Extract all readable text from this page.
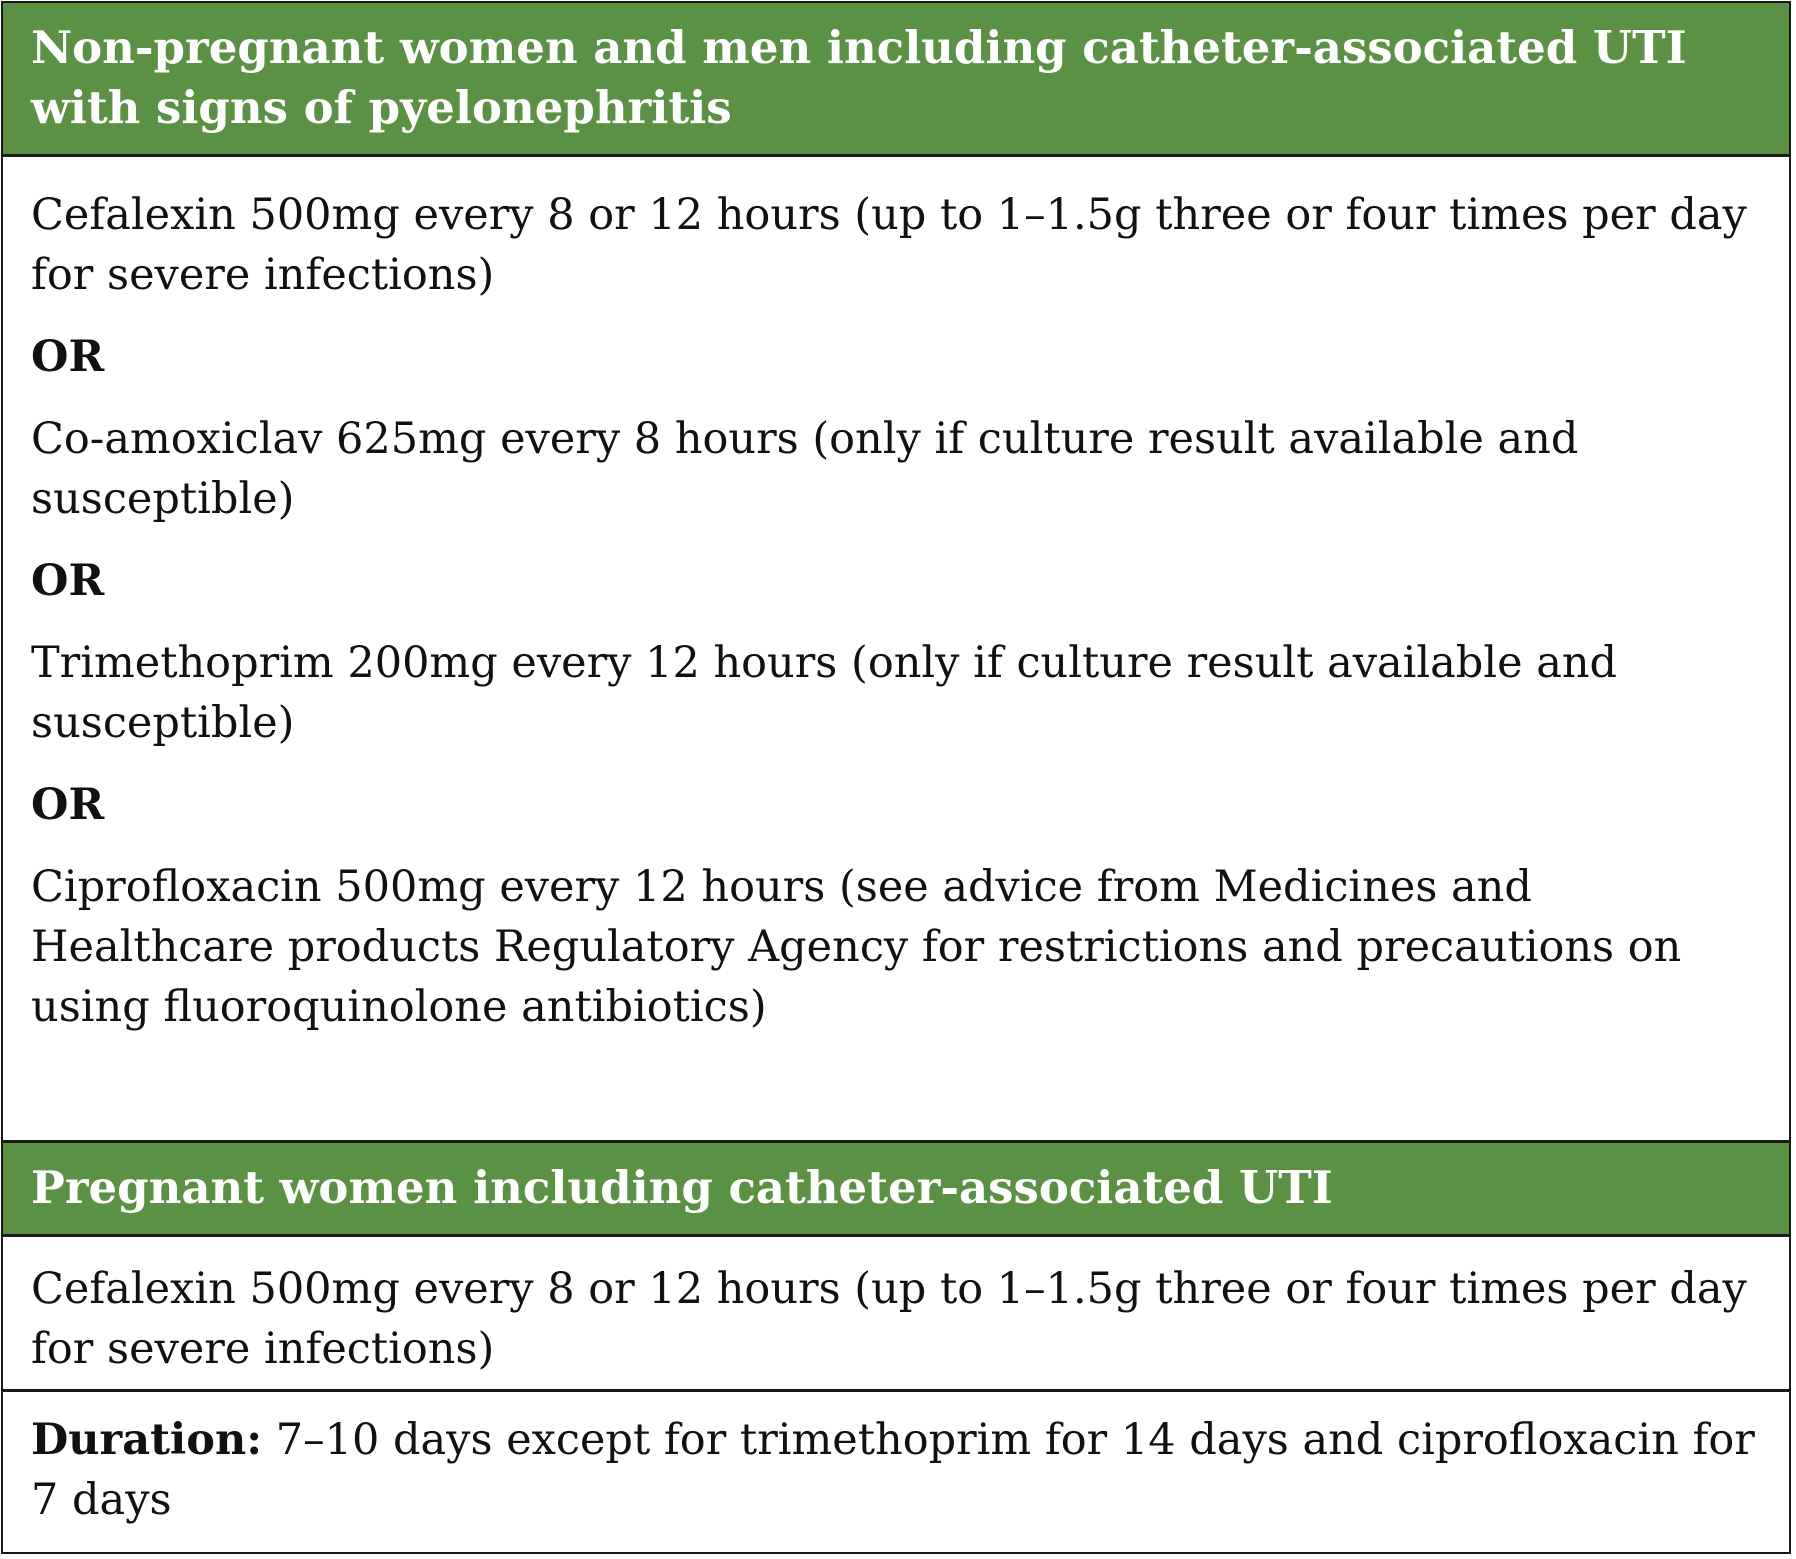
Non-pregnant women and men including catheter-associated UTI with signs of pyelonephritis

Cefalexin 500mg every 8 or 12 hours (up to 1–1.5g three or four times per day for severe infections)

OR

Co-amoxiclav 625mg every 8 hours (only if culture result available and susceptible)

OR

Trimethoprim 200mg every 12 hours (only if culture result available and susceptible)

OR

Ciprofloxacin 500mg every 12 hours (see advice from Medicines and Healthcare products Regulatory Agency for restrictions and precautions on using fluoroquinolone antibiotics)

Pregnant women including catheter-associated UTI

Cefalexin 500mg every 8 or 12 hours (up to 1–1.5g three or four times per day for severe infections)

Duration: 7–10 days except for trimethoprim for 14 days and ciprofloxacin for 7 days
